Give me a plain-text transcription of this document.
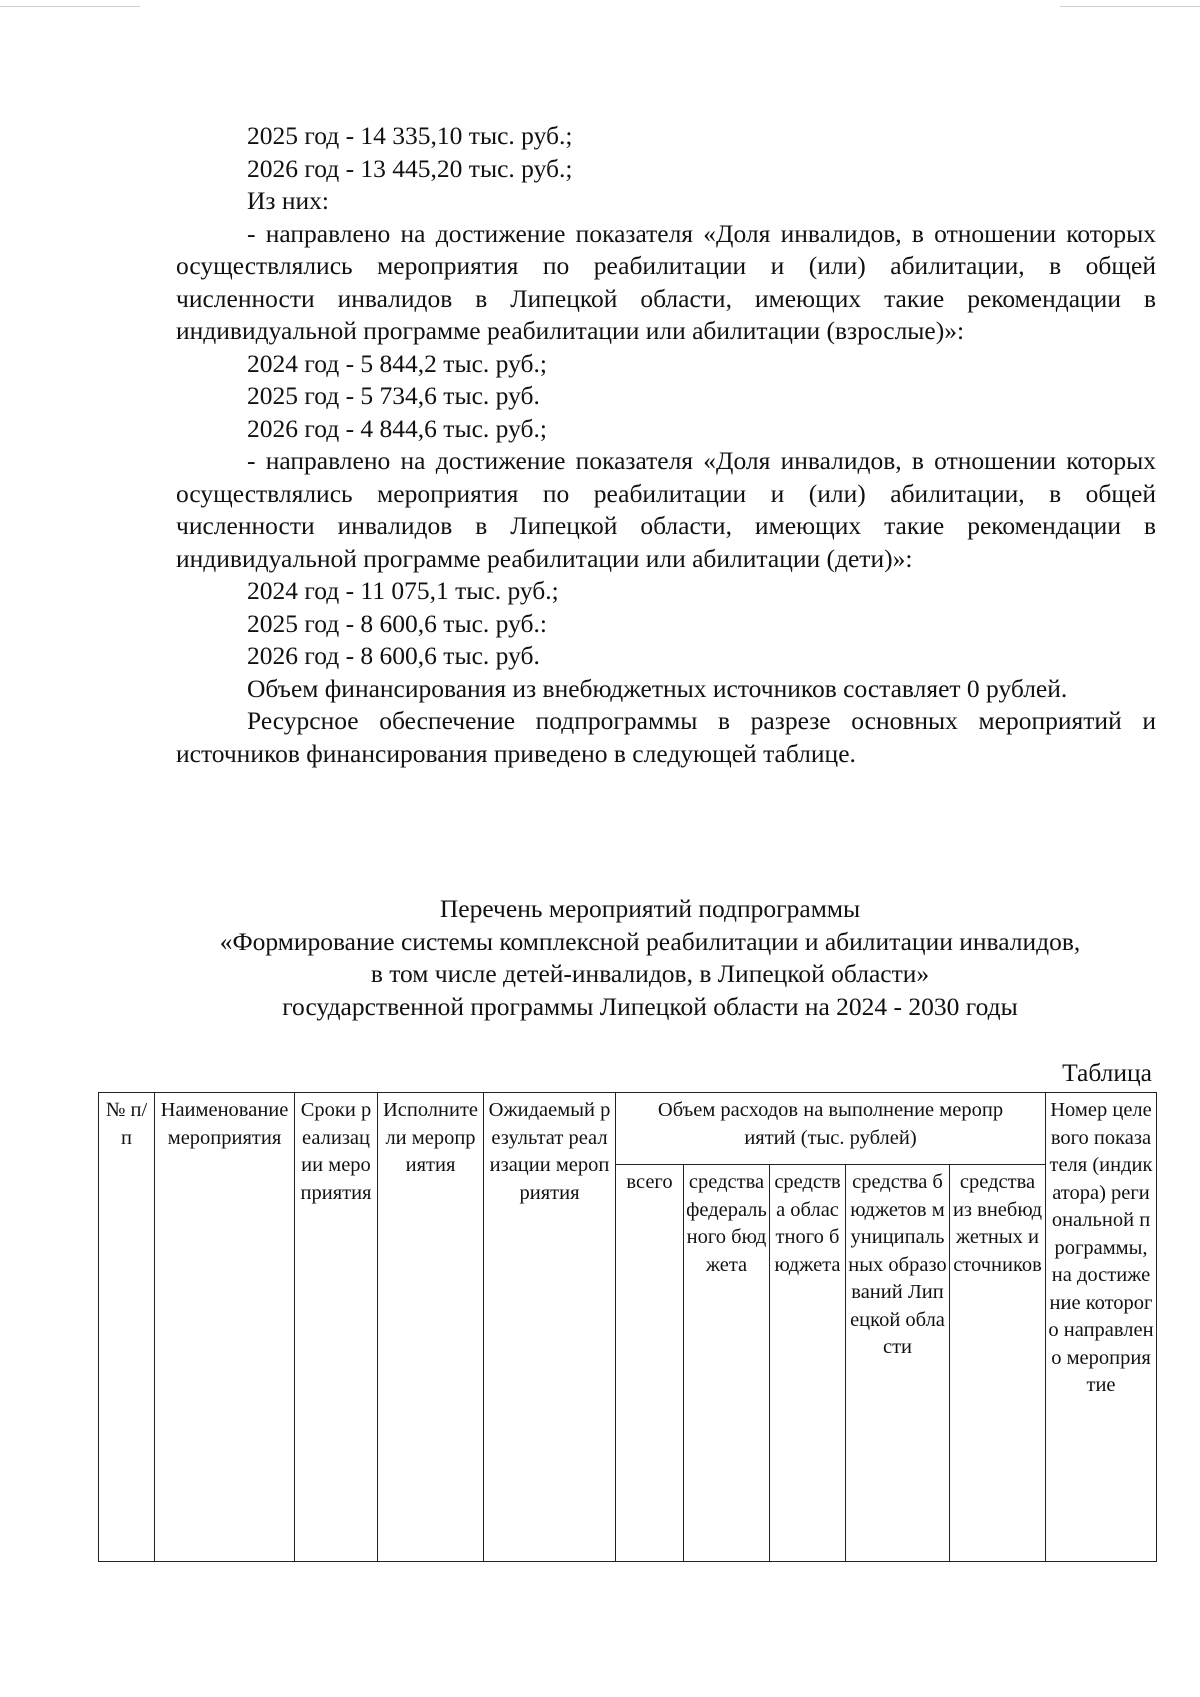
2025 год - 14 335,10 тыс. руб.;

2026 год - 13 445,20 тыс. руб.;

Из них:

- направлено на достижение показателя «Доля инвалидов, в отношении которых осуществлялись мероприятия по реабилитации и (или) абилитации, в общей численности инвалидов в Липецкой области, имеющих такие рекомендации в индивидуальной программе реабилитации или абилитации (взрослые)»:

2024 год - 5 844,2 тыс. руб.;

2025 год - 5 734,6 тыс. руб.

2026 год - 4 844,6 тыс. руб.;

- направлено на достижение показателя «Доля инвалидов, в отношении которых осуществлялись мероприятия по реабилитации и (или) абилитации, в общей численности инвалидов в Липецкой области, имеющих такие рекомендации в индивидуальной программе реабилитации или абилитации (дети)»:

2024 год - 11 075,1 тыс. руб.;

2025 год - 8 600,6 тыс. руб.:

2026 год - 8 600,6 тыс. руб.

Объем финансирования из внебюджетных источников составляет 0 рублей.

Ресурсное обеспечение подпрограммы в разрезе основных мероприятий и источников финансирования приведено в следующей таблице.

Перечень мероприятий подпрограммы
«Формирование системы комплексной реабилитации и абилитации инвалидов,
в том числе детей-инвалидов, в Липецкой области»
государственной программы Липецкой области на 2024 - 2030 годы
Таблица
№ п/п	Наименование мероприятия	Сроки реализации мероприятия	Исполнители мероприятия	Ожидаемый результат реализации мероприятия	Объем расходов на выполнение мероприятий (тыс. рублей)					Номер целевого показателя (индикатора) региональной программы, на достижение которого направлено мероприятие
					всего	средства федерального бюджета	средства областного бюджета	средства бюджетов муниципальных образований Липецкой области	средства из внебюджетных источников	
